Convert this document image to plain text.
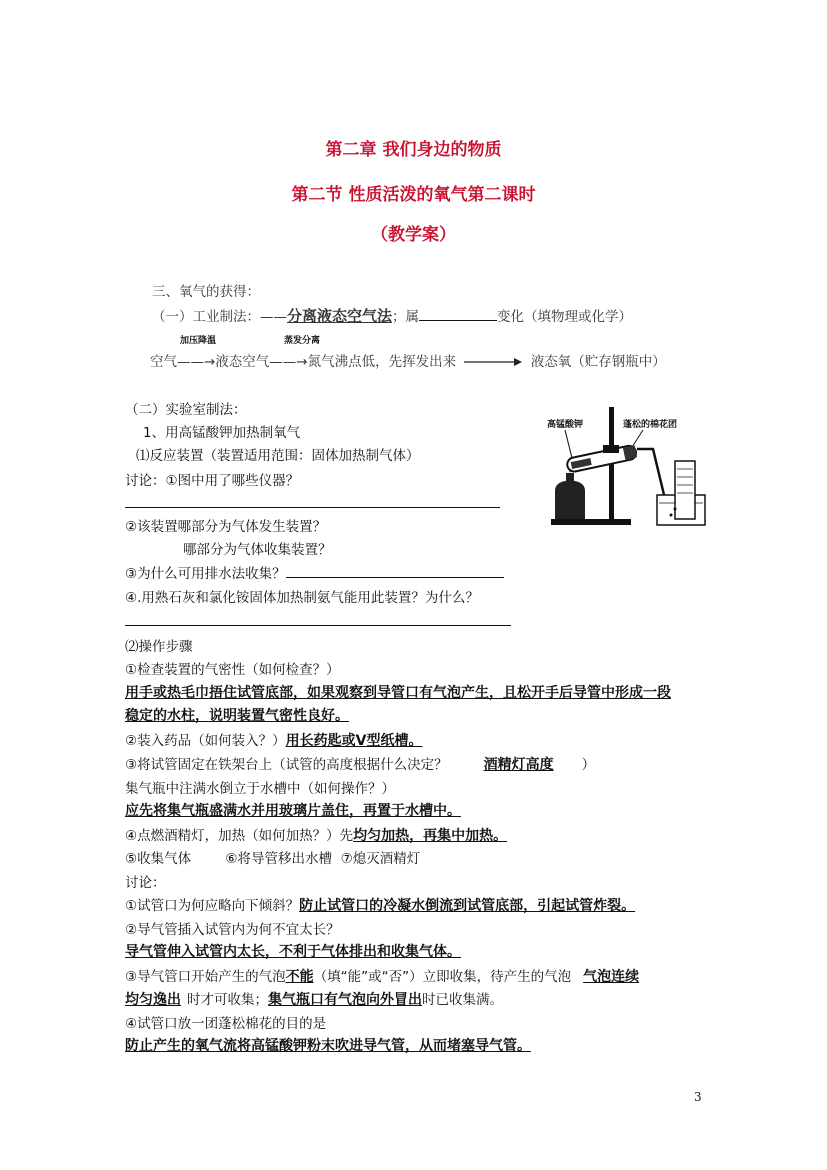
第二章 我们身边的物质
第二节 性质活泼的氧气第二课时
（教学案）
三、氧气的获得：
（一）工业制法：——分离液态空气法；属	变化（填物理或化学）
加压降温	蒸发分离
空气——→液态空气——→氮气沸点低，先挥发出来	液态氧（贮存钢瓶中）
（二）实验室制法：
1、用高锰酸钾加热制氧气
⑴反应装置（装置适用范围：固体加热制气体）
讨论：①图中用了哪些仪器？
②该装置哪部分为气体发生装置？
哪部分为气体收集装置？
③为什么可用排水法收集？
④.用熟石灰和氯化铵固体加热制氨气能用此装置？为什么？
高锰酸钾	蓬松的棉花团
⑵操作步骤
①检查装置的气密性（如何检查？）
用手或热毛巾捂住试管底部，如果观察到导管口有气泡产生，且松开手后导管中形成一段
稳定的水柱，说明装置气密性良好。
②装入药品（如何装入？）用长药匙或V型纸槽。
③将试管固定在铁架台上（试管的高度根据什么决定？	酒精灯高度 ）
集气瓶中注满水倒立于水槽中（如何操作？）
应先将集气瓶盛满水并用玻璃片盖住，再置于水槽中。
④点燃酒精灯，加热（如何加热？）先均匀加热，再集中加热。
⑤收集气体        ⑥将导管移出水槽  ⑦熄灭酒精灯
讨论：
①试管口为何应略向下倾斜？防止试管口的冷凝水倒流到试管底部，引起试管炸裂。
②导气管插入试管内为何不宜太长？
导气管伸入试管内太长，不利于气体排出和收集气体。
③导气管口开始产生的气泡不能（填“能”或“否”）立即收集，待产生的气泡 气泡连续
均匀逸出 时才可收集；集气瓶口有气泡向外冒出时已收集满。
④试管口放一团蓬松棉花的目的是
防止产生的氧气流将高锰酸钾粉末吹进导气管，从而堵塞导气管。
3
